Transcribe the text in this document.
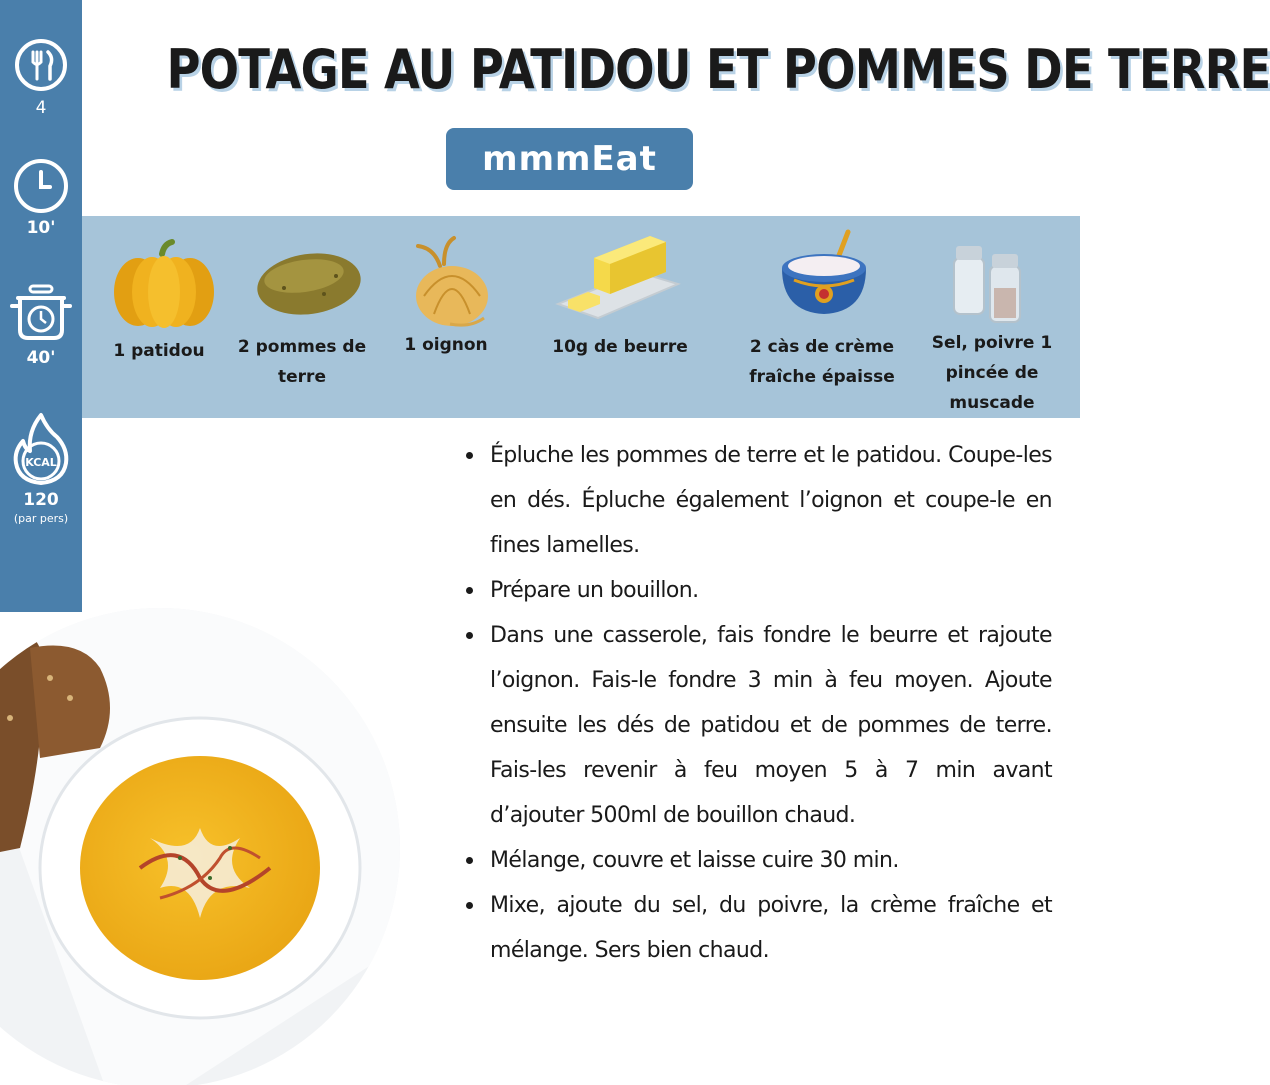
4
10'
40'
KCAL
120
(par pers)
POTAGE AU PATIDOU ET POMMES DE TERRE
mmmEat
1 patidou	2 pommes de terre
1 oignon	10g de beurre	2 càs de crème fraîche épaisse
Sel, poivre 1 pincée de muscade
Épluche les pommes de terre et le patidou. Coupe-les en dés. Épluche également l’oignon et coupe-le en fines lamelles.
Prépare un bouillon.
Dans une casserole, fais fondre le beurre et rajoute l’oignon. Fais-le fondre 3 min à feu moyen. Ajoute ensuite les dés de patidou et de pommes de terre. Fais-les revenir à feu moyen 5 à 7 min avant d’ajouter 500ml de bouillon chaud.
Mélange, couvre et laisse cuire 30 min.
Mixe, ajoute du sel, du poivre, la crème fraîche et mélange. Sers bien chaud.
